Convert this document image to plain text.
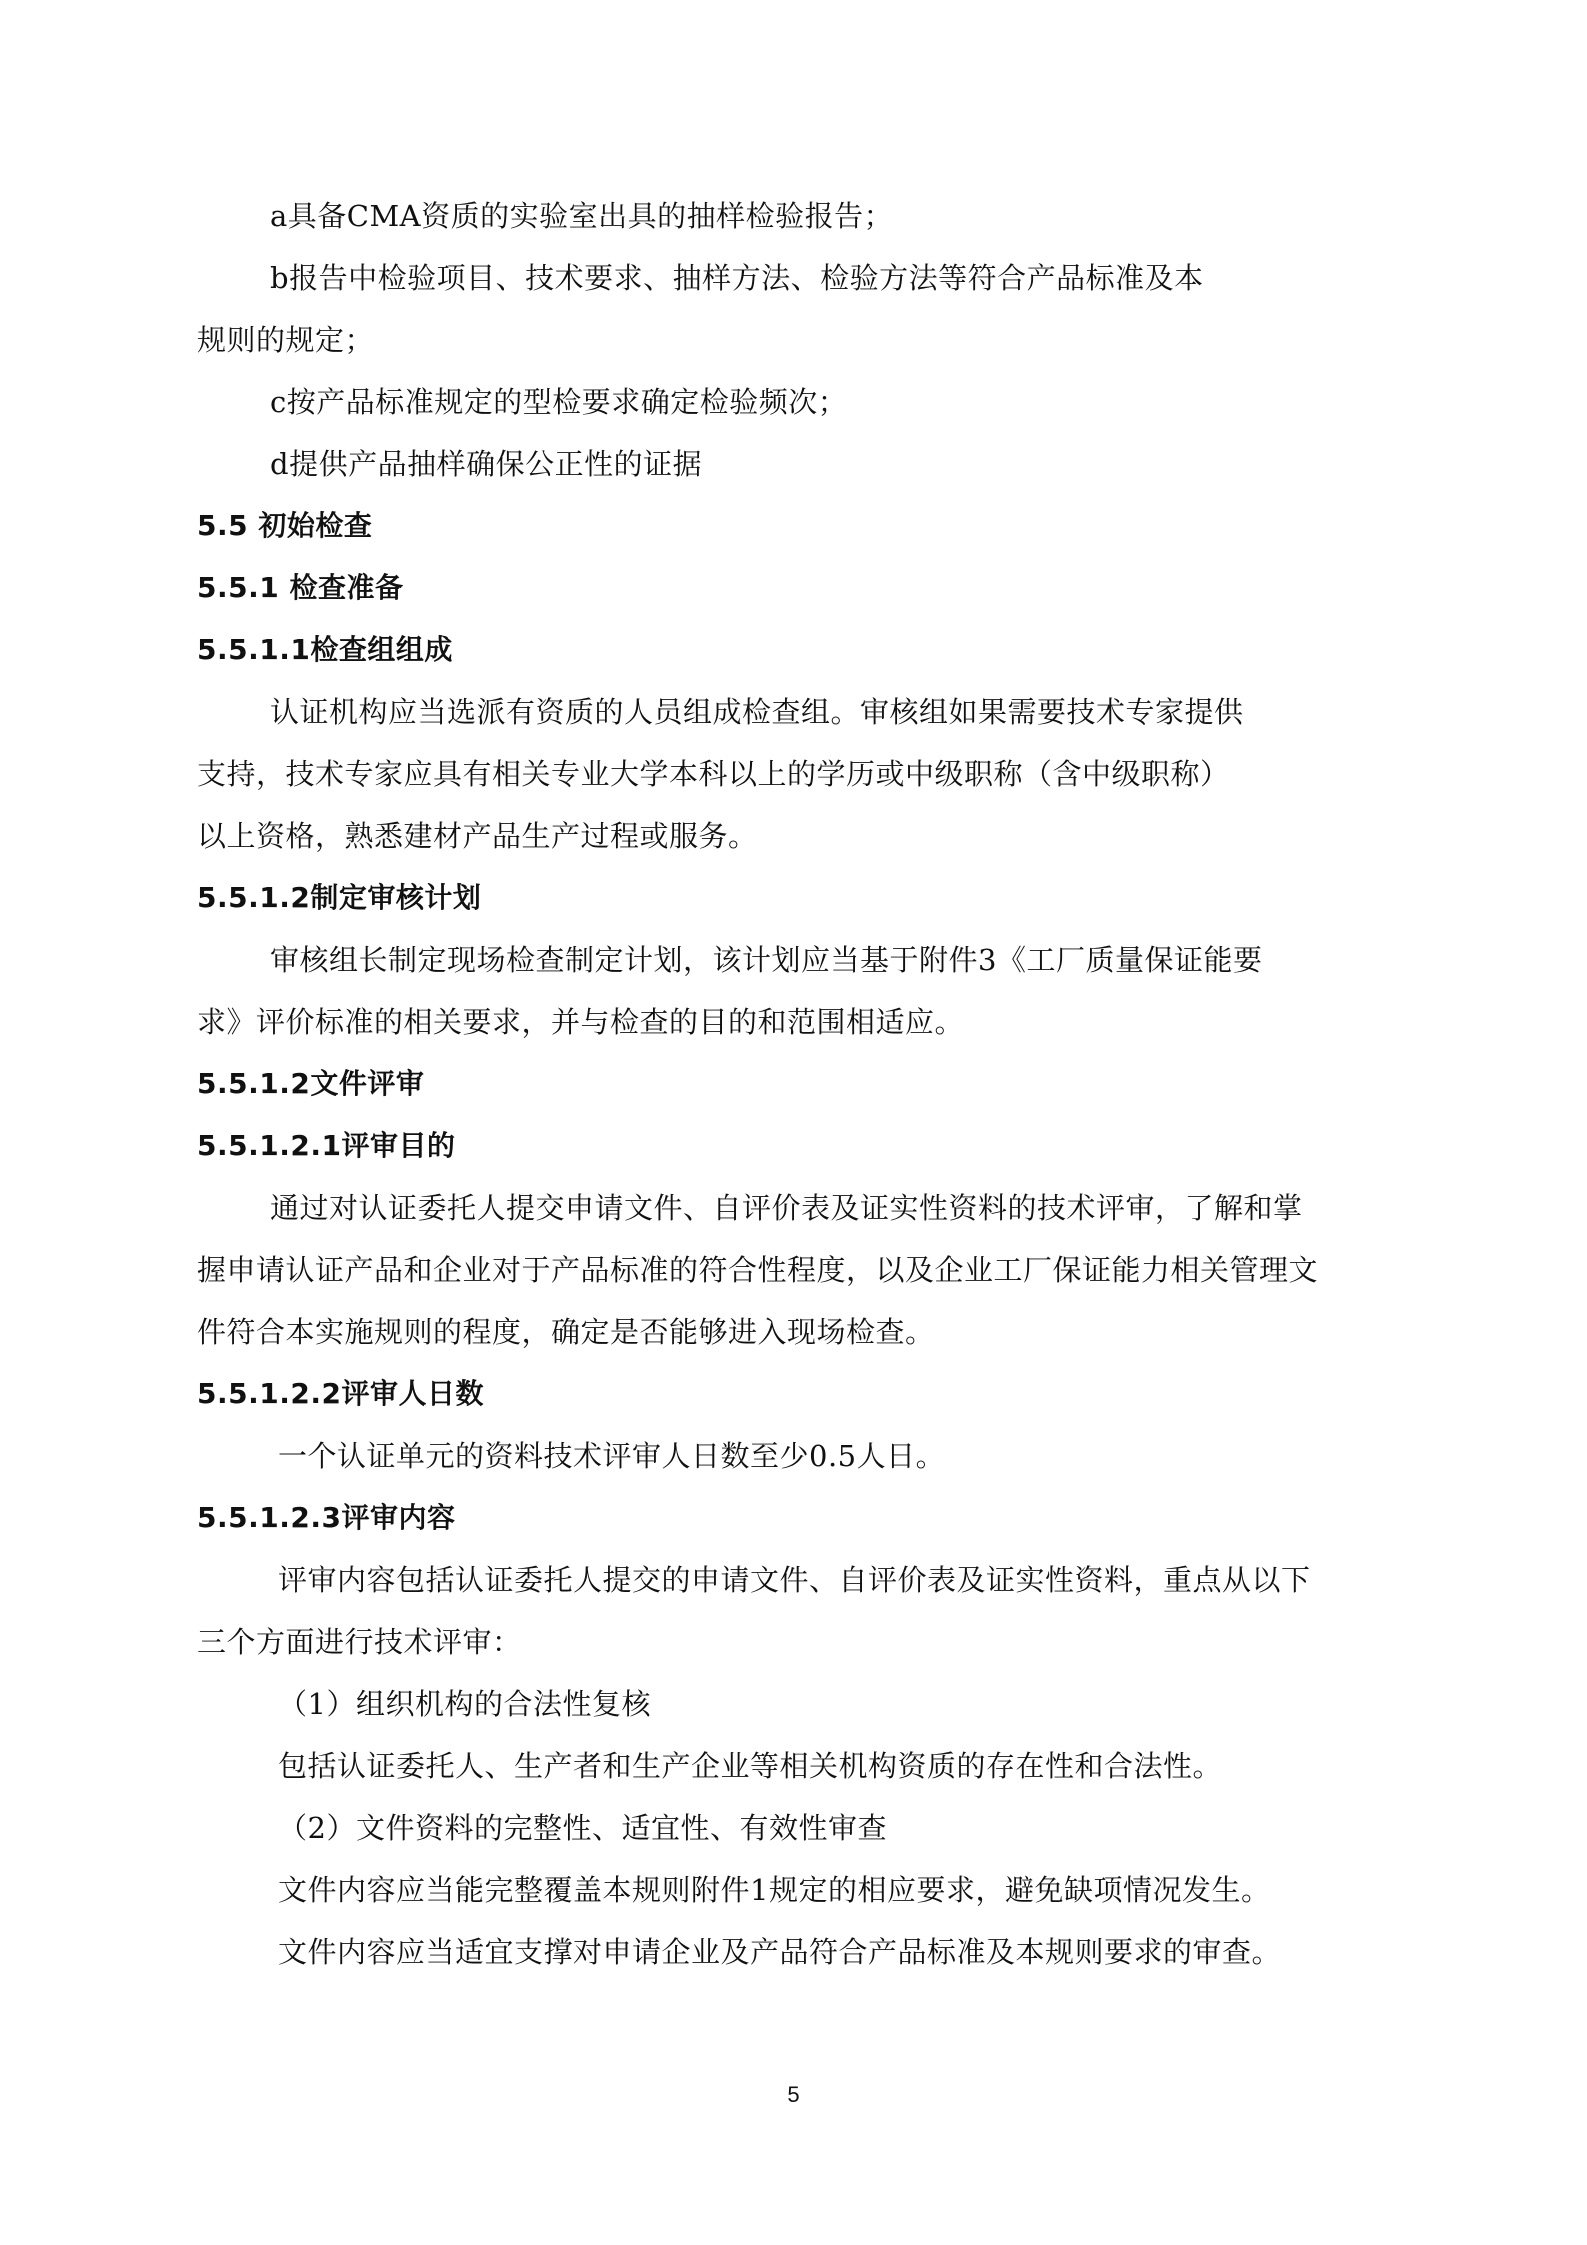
a具备CMA资质的实验室出具的抽样检验报告；
b报告中检验项目、技术要求、抽样方法、检验方法等符合产品标准及本
规则的规定；
c按产品标准规定的型检要求确定检验频次；
d提供产品抽样确保公正性的证据
5.5 初始检查
5.5.1 检查准备
5.5.1.1检查组组成
认证机构应当选派有资质的人员组成检查组。审核组如果需要技术专家提供
支持，技术专家应具有相关专业大学本科以上的学历或中级职称（含中级职称）
以上资格，熟悉建材产品生产过程或服务。
5.5.1.2制定审核计划
审核组长制定现场检查制定计划，该计划应当基于附件3《工厂质量保证能要
求》评价标准的相关要求，并与检查的目的和范围相适应。
5.5.1.2文件评审
5.5.1.2.1评审目的
通过对认证委托人提交申请文件、自评价表及证实性资料的技术评审，了解和掌
握申请认证产品和企业对于产品标准的符合性程度，以及企业工厂保证能力相关管理文
件符合本实施规则的程度，确定是否能够进入现场检查。
5.5.1.2.2评审人日数
一个认证单元的资料技术评审人日数至少0.5人日。
5.5.1.2.3评审内容
评审内容包括认证委托人提交的申请文件、自评价表及证实性资料，重点从以下
三个方面进行技术评审：
（1）组织机构的合法性复核
包括认证委托人、生产者和生产企业等相关机构资质的存在性和合法性。
（2）文件资料的完整性、适宜性、有效性审查
文件内容应当能完整覆盖本规则附件1规定的相应要求，避免缺项情况发生。
文件内容应当适宜支撑对申请企业及产品符合产品标准及本规则要求的审查。
5
